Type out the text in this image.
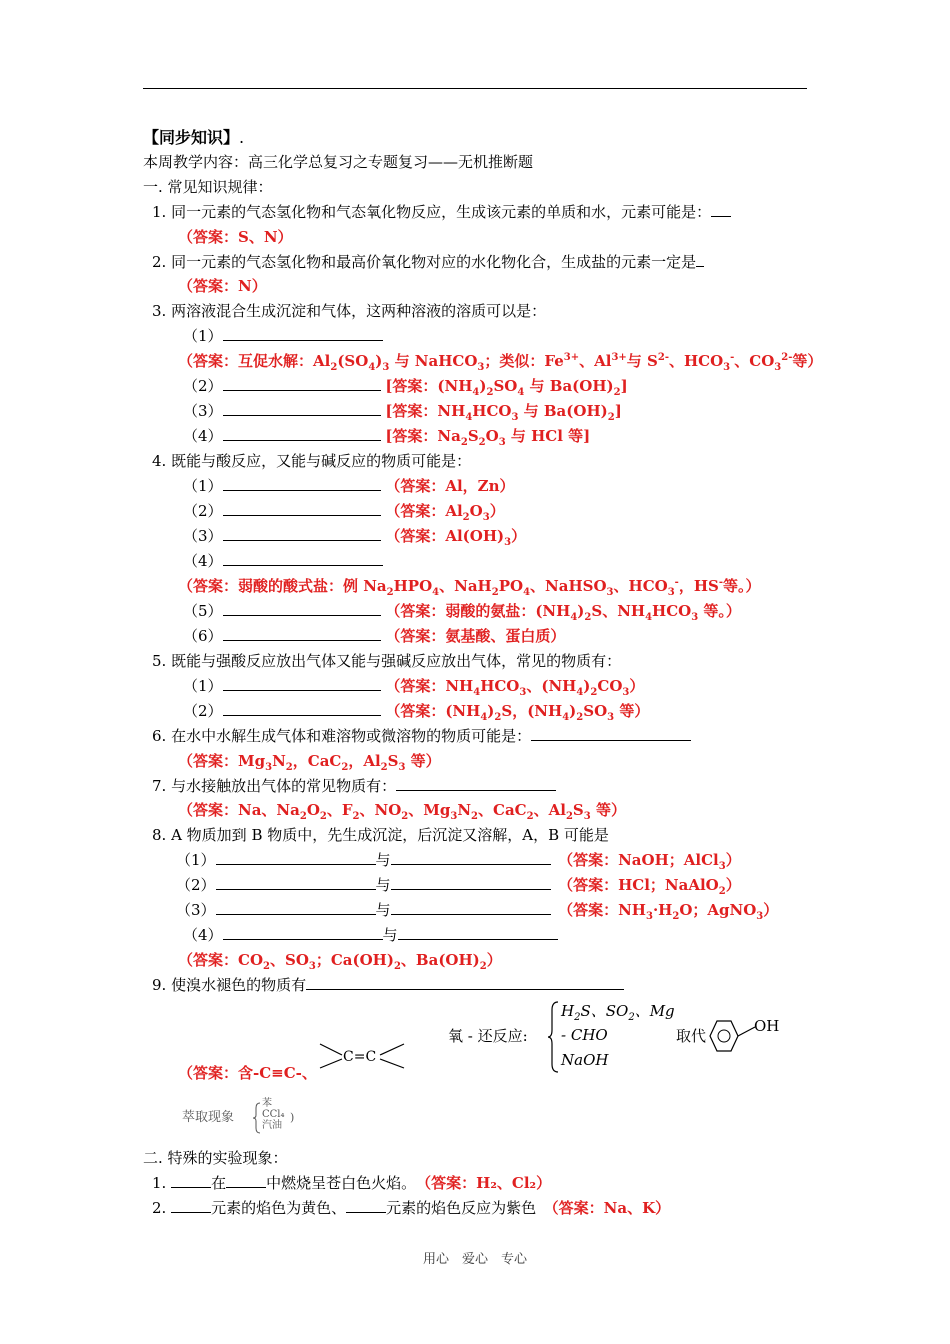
【同步知识】.
本周教学内容：高三化学总复习之专题复习——无机推断题
一. 常见知识规律：
1. 同一元素的气态氢化物和气态氧化物反应，生成该元素的单质和水，元素可能是：
（答案：S、N）
2. 同一元素的气态氢化物和最高价氧化物对应的水化物化合，生成盐的元素一定是
（答案：N）
3. 两溶液混合生成沉淀和气体，这两种溶液的溶质可以是：
（1）
（答案：互促水解：$Al_2(SO_4)_3$ 与 NaHCO$_3$；类似：$Fe^{3+}$、$Al^{3+}$与 $S^{2-}$、$HCO_3^-$、$CO_3^{2-}$等）
（2）	[答案：$(NH_4)_2SO_4$ 与 $Ba(OH)_2$]
（3）	[答案：$NH_4HCO_3$ 与 $Ba(OH)_2$]
（4）	[答案：$Na_2S_2O_3$ 与 HCl 等]
4. 既能与酸反应，又能与碱反应的物质可能是：
（1）	（答案：Al，Zn）
（2）	（答案：$Al_2O_3$）
（3）	（答案：$Al(OH)_3$）
（4）
（答案：弱酸的酸式盐：例 $Na_2HPO_4$、$NaH_2PO_4$、NaHSO$_3$、$HCO_3^-$，HS-等。）
（5）	（答案：弱酸的氨盐：$(NH_4)_2S$、$NH_4HCO_3$ 等。）
（6）	（答案：氨基酸、蛋白质）
5. 既能与强酸反应放出气体又能与强碱反应放出气体，常见的物质有：
（1）	（答案：$NH_4HCO_3$、$(NH_4)_2CO_3$）
（2）	（答案：$(NH_4)_2S$，$(NH_4)_2SO_3$ 等）
6. 在水中水解生成气体和难溶物或微溶物的物质可能是：
（答案：$Mg_3N_2$，CaC$_2$，$Al_2S_3$ 等）
7. 与水接触放出气体的常见物质有：
（答案：Na、$Na_2O_2$、$F_2$、$NO_2$、$Mg_3N_2$、CaC$_2$、$Al_2S_3$ 等）
8. A 物质加到 B 物质中，先生成沉淀，后沉淀又溶解，A，B 可能是
（1）	与　	（答案：NaOH；AlCl$_3$）
（2）	与　	（答案：HCl；NaAlO$_2$）
（3）	与　	（答案：$NH_3\cdot H_2O$；AgNO$_3$）
（4）	与
（答案：$CO_2$、$SO_3$；$Ca(OH)_2$、$Ba(OH)_2$）
9. 使溴水褪色的物质有
（答案：含-C≡C-、
C=C
氧 - 还反应:
$H_2S$、$SO_2$、Mg
- CHO
NaOH
取代
OH
萃取现象
苯
CCl₄
汽油
)
二. 特殊的实验现象：
1.	在	中燃烧呈苍白色火焰。　 （答案：H₂、Cl₂）
2.	元素的焰色为黄色、	元素的焰色反应为紫色　 （答案：Na、K）
用心　爱心　专心
